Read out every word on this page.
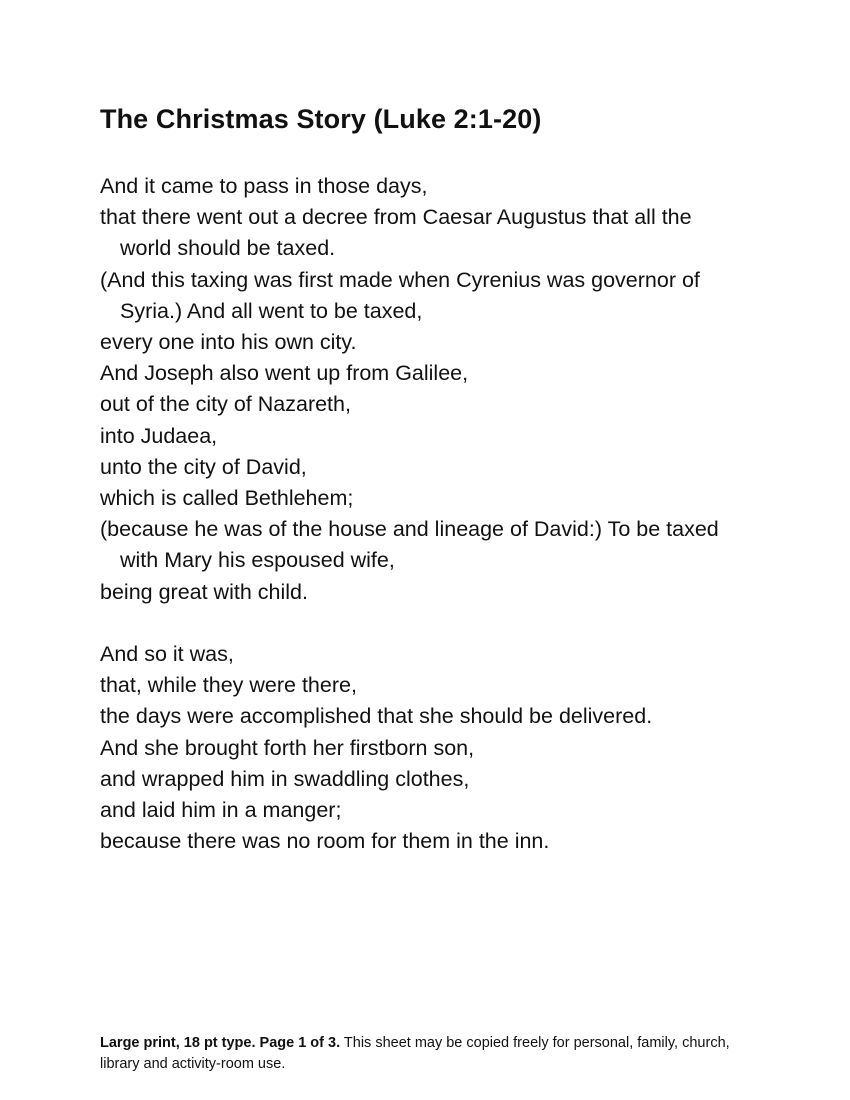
The Christmas Story (Luke 2:1-20)
And it came to pass in those days,
that there went out a decree from Caesar Augustus that all the world should be taxed.
(And this taxing was first made when Cyrenius was governor of Syria.) And all went to be taxed,
every one into his own city.
And Joseph also went up from Galilee,
out of the city of Nazareth,
into Judaea,
unto the city of David,
which is called Bethlehem;
(because he was of the house and lineage of David:) To be taxed with Mary his espoused wife,
being great with child.
And so it was,
that, while they were there,
the days were accomplished that she should be delivered.
And she brought forth her firstborn son,
and wrapped him in swaddling clothes,
and laid him in a manger;
because there was no room for them in the inn.

Large print, 18 pt type. Page 1 of 3. This sheet may be copied freely for personal, family, church, library and activity-room use.
